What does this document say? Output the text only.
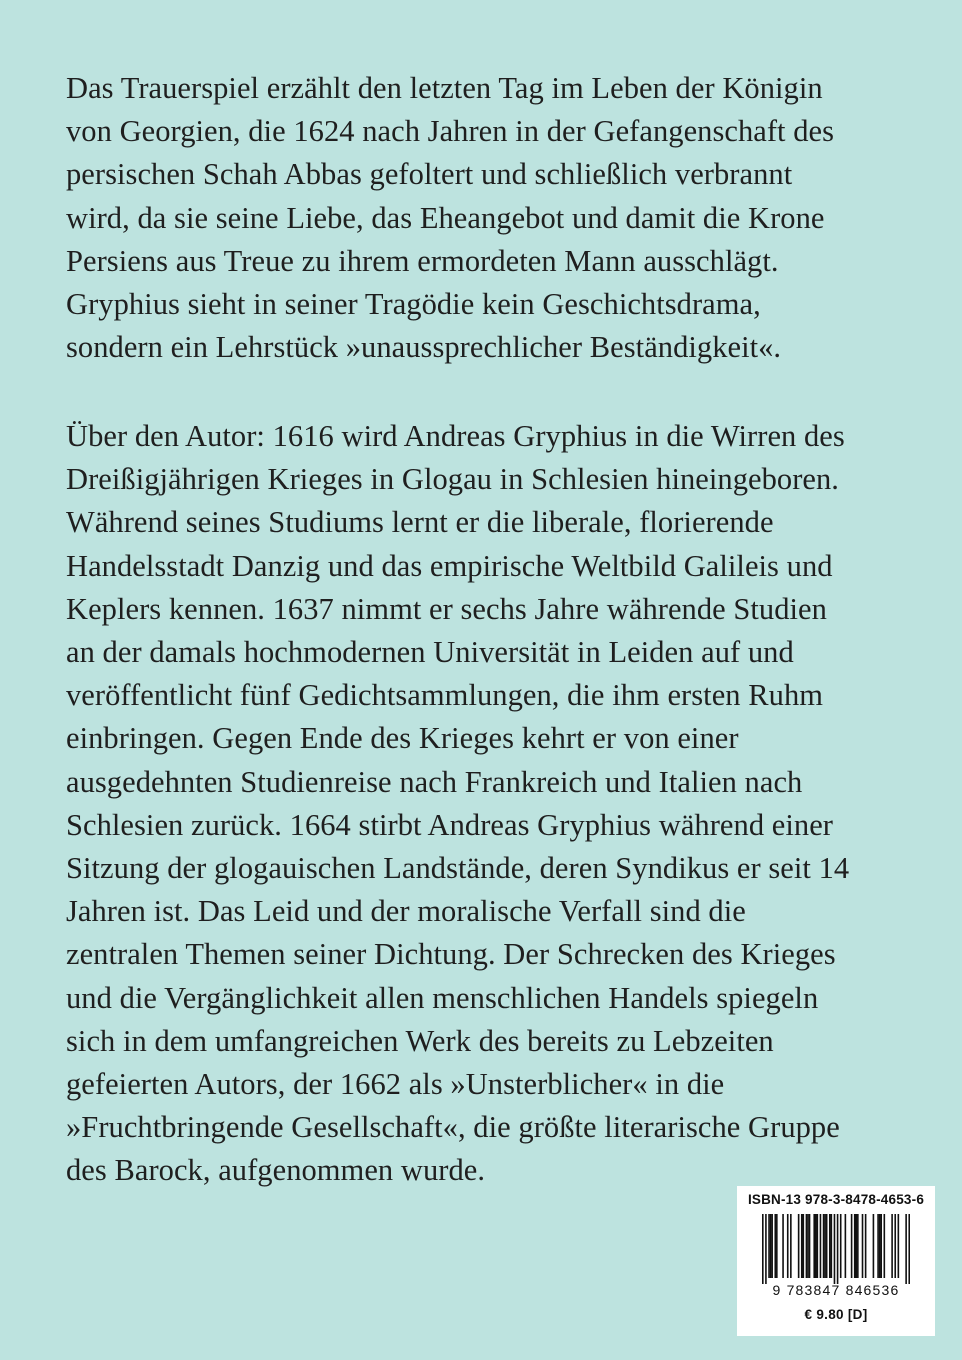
Das Trauerspiel erzählt den letzten Tag im Leben der Königin
von Georgien, die 1624 nach Jahren in der Gefangenschaft des
persischen Schah Abbas gefoltert und schließlich verbrannt
wird, da sie seine Liebe, das Eheangebot und damit die Krone
Persiens aus Treue zu ihrem ermordeten Mann ausschlägt.
Gryphius sieht in seiner Tragödie kein Geschichtsdrama,
sondern ein Lehrstück »unaussprechlicher Beständigkeit«.
Über den Autor: 1616 wird Andreas Gryphius in die Wirren des
Dreißigjährigen Krieges in Glogau in Schlesien hineingeboren.
Während seines Studiums lernt er die liberale, florierende
Handelsstadt Danzig und das empirische Weltbild Galileis und
Keplers kennen. 1637 nimmt er sechs Jahre währende Studien
an der damals hochmodernen Universität in Leiden auf und
veröffentlicht fünf Gedichtsammlungen, die ihm ersten Ruhm
einbringen. Gegen Ende des Krieges kehrt er von einer
ausgedehnten Studienreise nach Frankreich und Italien nach
Schlesien zurück. 1664 stirbt Andreas Gryphius während einer
Sitzung der glogauischen Landstände, deren Syndikus er seit 14
Jahren ist. Das Leid und der moralische Verfall sind die
zentralen Themen seiner Dichtung. Der Schrecken des Krieges
und die Vergänglichkeit allen menschlichen Handels spiegeln
sich in dem umfangreichen Werk des bereits zu Lebzeiten
gefeierten Autors, der 1662 als »Unsterblicher« in die
»Fruchtbringende Gesellschaft«, die größte literarische Gruppe
des Barock, aufgenommen wurde.
ISBN-13 978-3-8478-4653-6
9 783847 846536
€ 9.80 [D]
